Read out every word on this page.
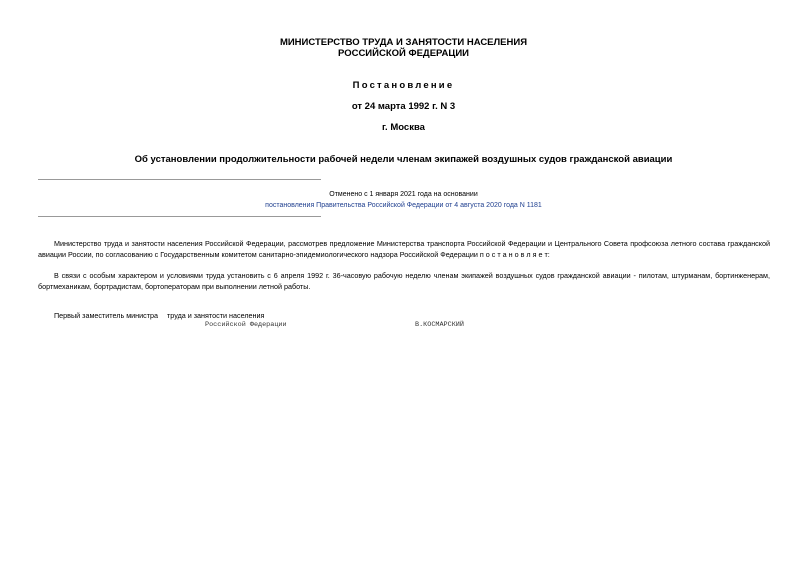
МИНИСТЕРСТВО ТРУДА И ЗАНЯТОСТИ НАСЕЛЕНИЯ
РОССИЙСКОЙ ФЕДЕРАЦИИ
Постановление
от 24 марта 1992 г. N 3
г. Москва
Об установлении продолжительности рабочей недели членам экипажей воздушных судов гражданской авиации
Отменено с 1 января 2021 года на основании
постановления Правительства Российской Федерации от 4 августа 2020 года N 1181
Министерство труда и занятости населения Российской Федерации, рассмотрев предложение Министерства транспорта Российской Федерации и Центрального Совета профсоюза летного состава гражданской авиации России, по согласованию с Государственным комитетом санитарно-эпидемиологического надзора Российской Федерации п о с т а н о в л я е т:
В связи с особым характером и условиями труда установить с 6 апреля 1992 г. 36-часовую рабочую неделю членам экипажей воздушных судов гражданской авиации - пилотам, штурманам, бортинженерам, бортмеханикам, бортрадистам, бортоператорам при выполнении летной работы.
Первый заместитель министра труда и занятости населения
Российской Федерации	В.КОСМАРСКИЙ
